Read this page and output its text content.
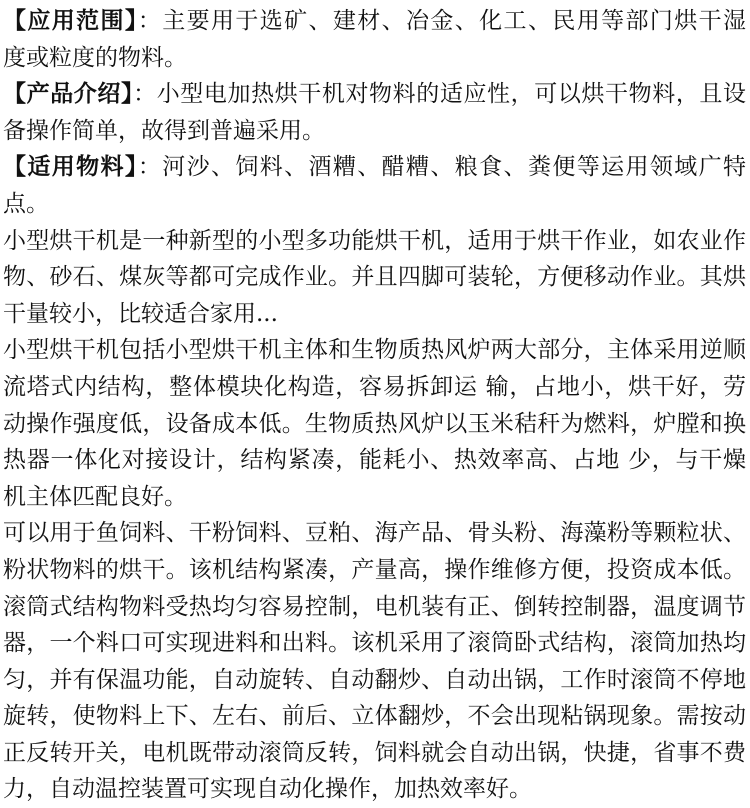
【应用范围】：主要用于选矿、建材、冶金、化工、民用等部门烘干湿
度或粒度的物料。
【产品介绍】：小型电加热烘干机对物料的适应性，可以烘干物料，且设
备操作简单，故得到普遍采用。
【适用物料】：河沙、饲料、酒糟、醋糟、粮食、粪便等运用领域广特
点。
小型烘干机是一种新型的小型多功能烘干机，适用于烘干作业，如农业作
物、砂石、煤灰等都可完成作业。并且四脚可装轮，方便移动作业。其烘
干量较小，比较适合家用...
小型烘干机包括小型烘干机主体和生物质热风炉两大部分，主体采用逆顺
流塔式内结构，整体模块化构造，容易拆卸运 输，占地小，烘干好，劳
动操作强度低，设备成本低。生物质热风炉以玉米秸秆为燃料，炉膛和换
热器一体化对接设计，结构紧凑，能耗小、热效率高、占地 少，与干燥
机主体匹配良好。
可以用于鱼饲料、干粉饲料、豆粕、海产品、骨头粉、海藻粉等颗粒状、
粉状物料的烘干。该机结构紧凑，产量高，操作维修方便，投资成本低。
滚筒式结构物料受热均匀容易控制，电机装有正、倒转控制器，温度调节
器，一个料口可实现进料和出料。该机采用了滚筒卧式结构，滚筒加热均
匀，并有保温功能，自动旋转、自动翻炒、自动出锅，工作时滚筒不停地
旋转，使物料上下、左右、前后、立体翻炒，不会出现粘锅现象。需按动
正反转开关，电机既带动滚筒反转，饲料就会自动出锅，快捷，省事不费
力，自动温控装置可实现自动化操作，加热效率好。
